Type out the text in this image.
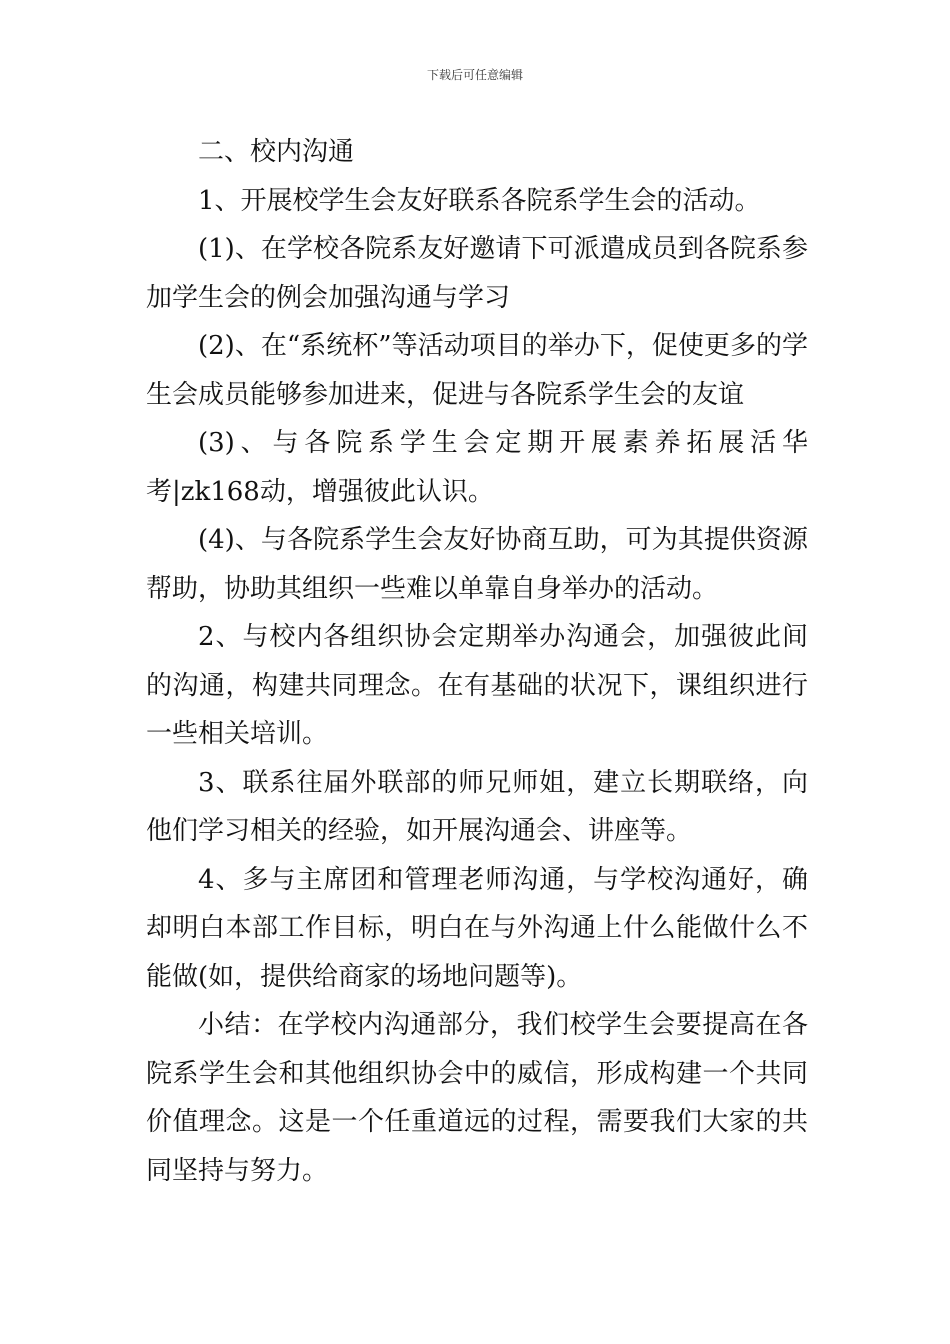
下载后可任意编辑

二、校内沟通

1、开展校学生会友好联系各院系学生会的活动。

(1)、在学校各院系友好邀请下可派遣成员到各院系参加学生会的例会加强沟通与学习

(2)、在“系统杯”等活动项目的举办下，促使更多的学生会成员能够参加进来，促进与各院系学生会的友谊

(3)、与各院系学生会定期开展素养拓展活华考|zk168动，增强彼此认识。

(4)、与各院系学生会友好协商互助，可为其提供资源帮助，协助其组织一些难以单靠自身举办的活动。

2、与校内各组织协会定期举办沟通会，加强彼此间的沟通，构建共同理念。在有基础的状况下，课组织进行一些相关培训。

3、联系往届外联部的师兄师姐，建立长期联络，向他们学习相关的经验，如开展沟通会、讲座等。

4、多与主席团和管理老师沟通，与学校沟通好，确却明白本部工作目标，明白在与外沟通上什么能做什么不能做(如，提供给商家的场地问题等)。

小结：在学校内沟通部分，我们校学生会要提高在各院系学生会和其他组织协会中的威信，形成构建一个共同价值理念。这是一个任重道远的过程，需要我们大家的共同坚持与努力。
